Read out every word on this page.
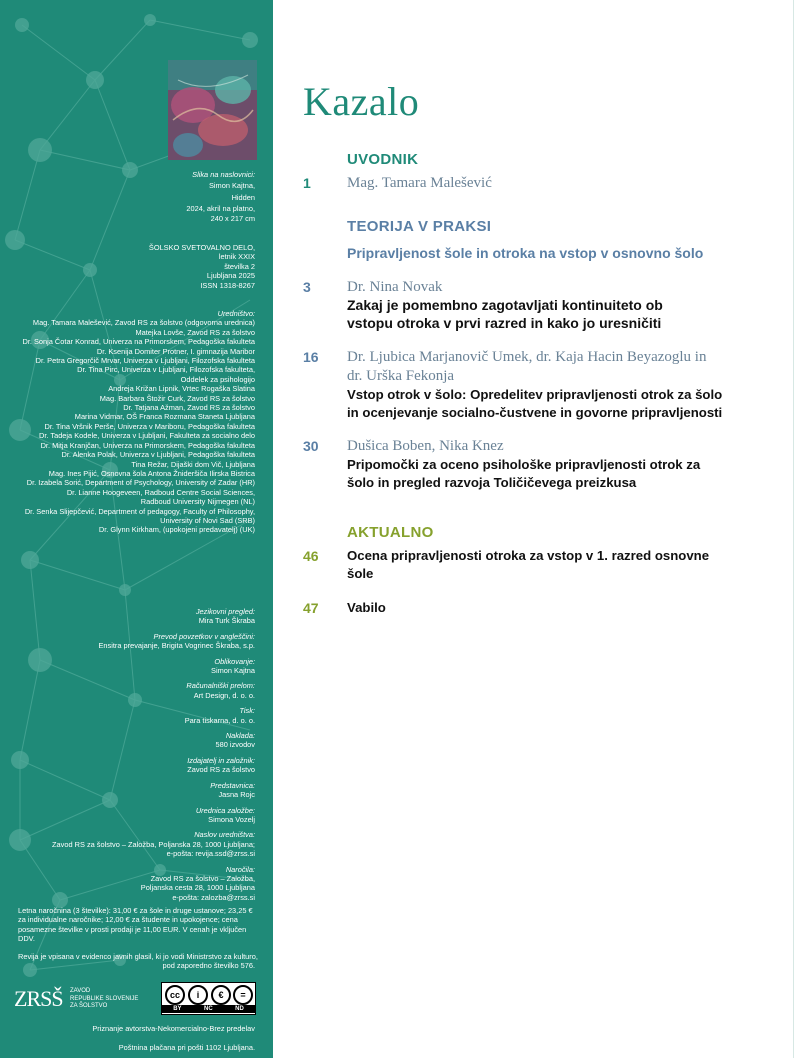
Slika na naslovnici:
Simon Kajtna,
Hidden
2024, akril na platno,
240 x 217 cm
ŠOLSKO SVETOVALNO DELO,
letnik XXIX
številka 2
Ljubljana 2025
ISSN 1318-8267
Uredništvo:
Mag. Tamara Malešević, Zavod RS za šolstvo (odgovorna urednica)
Matejka Lovše, Zavod RS za šolstvo
Dr. Sonja Čotar Konrad, Univerza na Primorskem, Pedagoška fakulteta
Dr. Ksenija Domiter Protner, I. gimnazija Maribor
Dr. Petra Gregorčič Mrvar, Univerza v Ljubljani, Filozofska fakulteta
Dr. Tina Pirc, Univerza v Ljubljani, Filozofska fakulteta,
Oddelek za psihologijo
Andreja Križan Lipnik, Vrtec Rogaška Slatina
Mag. Barbara Štožir Curk, Zavod RS za šolstvo
Dr. Tatjana Ažman, Zavod RS za šolstvo
Marina Vidmar, OŠ Franca Rozmana Staneta Ljubljana
Dr. Tina Vršnik Perše, Univerza v Mariboru, Pedagoška fakulteta
Dr. Tadeja Kodele, Univerza v Ljubljani, Fakulteta za socialno delo
Dr. Mitja Kranjčan, Univerza na Primorskem, Pedagoška fakulteta
Dr. Alenka Polak, Univerza v Ljubljani, Pedagoška fakulteta
Tina Režar, Dijaški dom Vič, Ljubljana
Mag. Ines Pijić, Osnovna šola Antona Žnideršiča Ilirska Bistrica
Dr. Izabela Sorić, Department of Psychology, University of Zadar (HR)
Dr. Lianne Hoogeveen, Radboud Centre Social Sciences,
Radboud University Nijmegen (NL)
Dr. Senka Slijepčević, Department of pedagogy, Faculty of Philosophy,
University of Novi Sad (SRB)
Dr. Glynn Kirkham, (upokojeni predavatelj) (UK)
Jezikovni pregled:
Mira Turk Škraba
Prevod povzetkov v angleščini:
Ensitra prevajanje, Brigita Vogrinec Škraba, s.p.
Oblikovanje:
Simon Kajtna
Računalniški prelom:
Art Design, d. o. o.
Tisk:
Para tiskarna, d. o. o.
Naklada:
580 izvodov
Izdajatelj in založnik:
Zavod RS za šolstvo
Predstavnica:
Jasna Rojc
Urednica založbe:
Simona Vozelj
Naslov uredništva:
Zavod RS za šolstvo – Založba, Poljanska 28, 1000 Ljubljana;
e-pošta: revija.ssd@zrss.si
Naročila:
Zavod RS za šolstvo – Založba,
Poljanska cesta 28, 1000 Ljubljana
e-pošta: zalozba@zrss.si
Letna naročnina (3 številke): 31,00 € za šole in druge ustanove; 23,25 € za individualne naročnike; 12,00 € za študente in upokojence; cena posamezne številke v prosti prodaji je 11,00 EUR. V cenah je vključen DDV.
Revija je vpisana v evidenco javnih glasil, ki jo vodi Ministrstvo za kulturo,
pod zaporedno številko 576.
ZRSŠ ZAVOD
REPUBLIKE SLOVENIJE
ZA ŠOLSTVO
cc	i	€	=
BY	NC	ND
Priznanje avtorstva-Nekomercialno-Brez predelav
Poštnina plačana pri pošti 1102 Ljubljana.
Kazalo
UVODNIK
1 Mag. Tamara Malešević
TEORIJA V PRAKSI
Pripravljenost šole in otroka na vstop v osnovno šolo
3 Dr. Nina Novak
Zakaj je pomembno zagotavljati kontinuiteto ob
vstopu otroka v prvi razred in kako jo uresničiti
16 Dr. Ljubica Marjanovič Umek, dr. Kaja Hacin Beyazoglu in
dr. Urška Fekonja
Vstop otrok v šolo: Opredelitev pripravljenosti otrok za šolo
in ocenjevanje socialno-čustvene in govorne pripravljenosti
30 Dušica Boben, Nika Knez
Pripomočki za oceno psihološke pripravljenosti otrok za
šolo in pregled razvoja Toličičevega preizkusa
AKTUALNO
46 Ocena pripravljenosti otroka za vstop v 1. razred osnovne
šole
47 Vabilo
